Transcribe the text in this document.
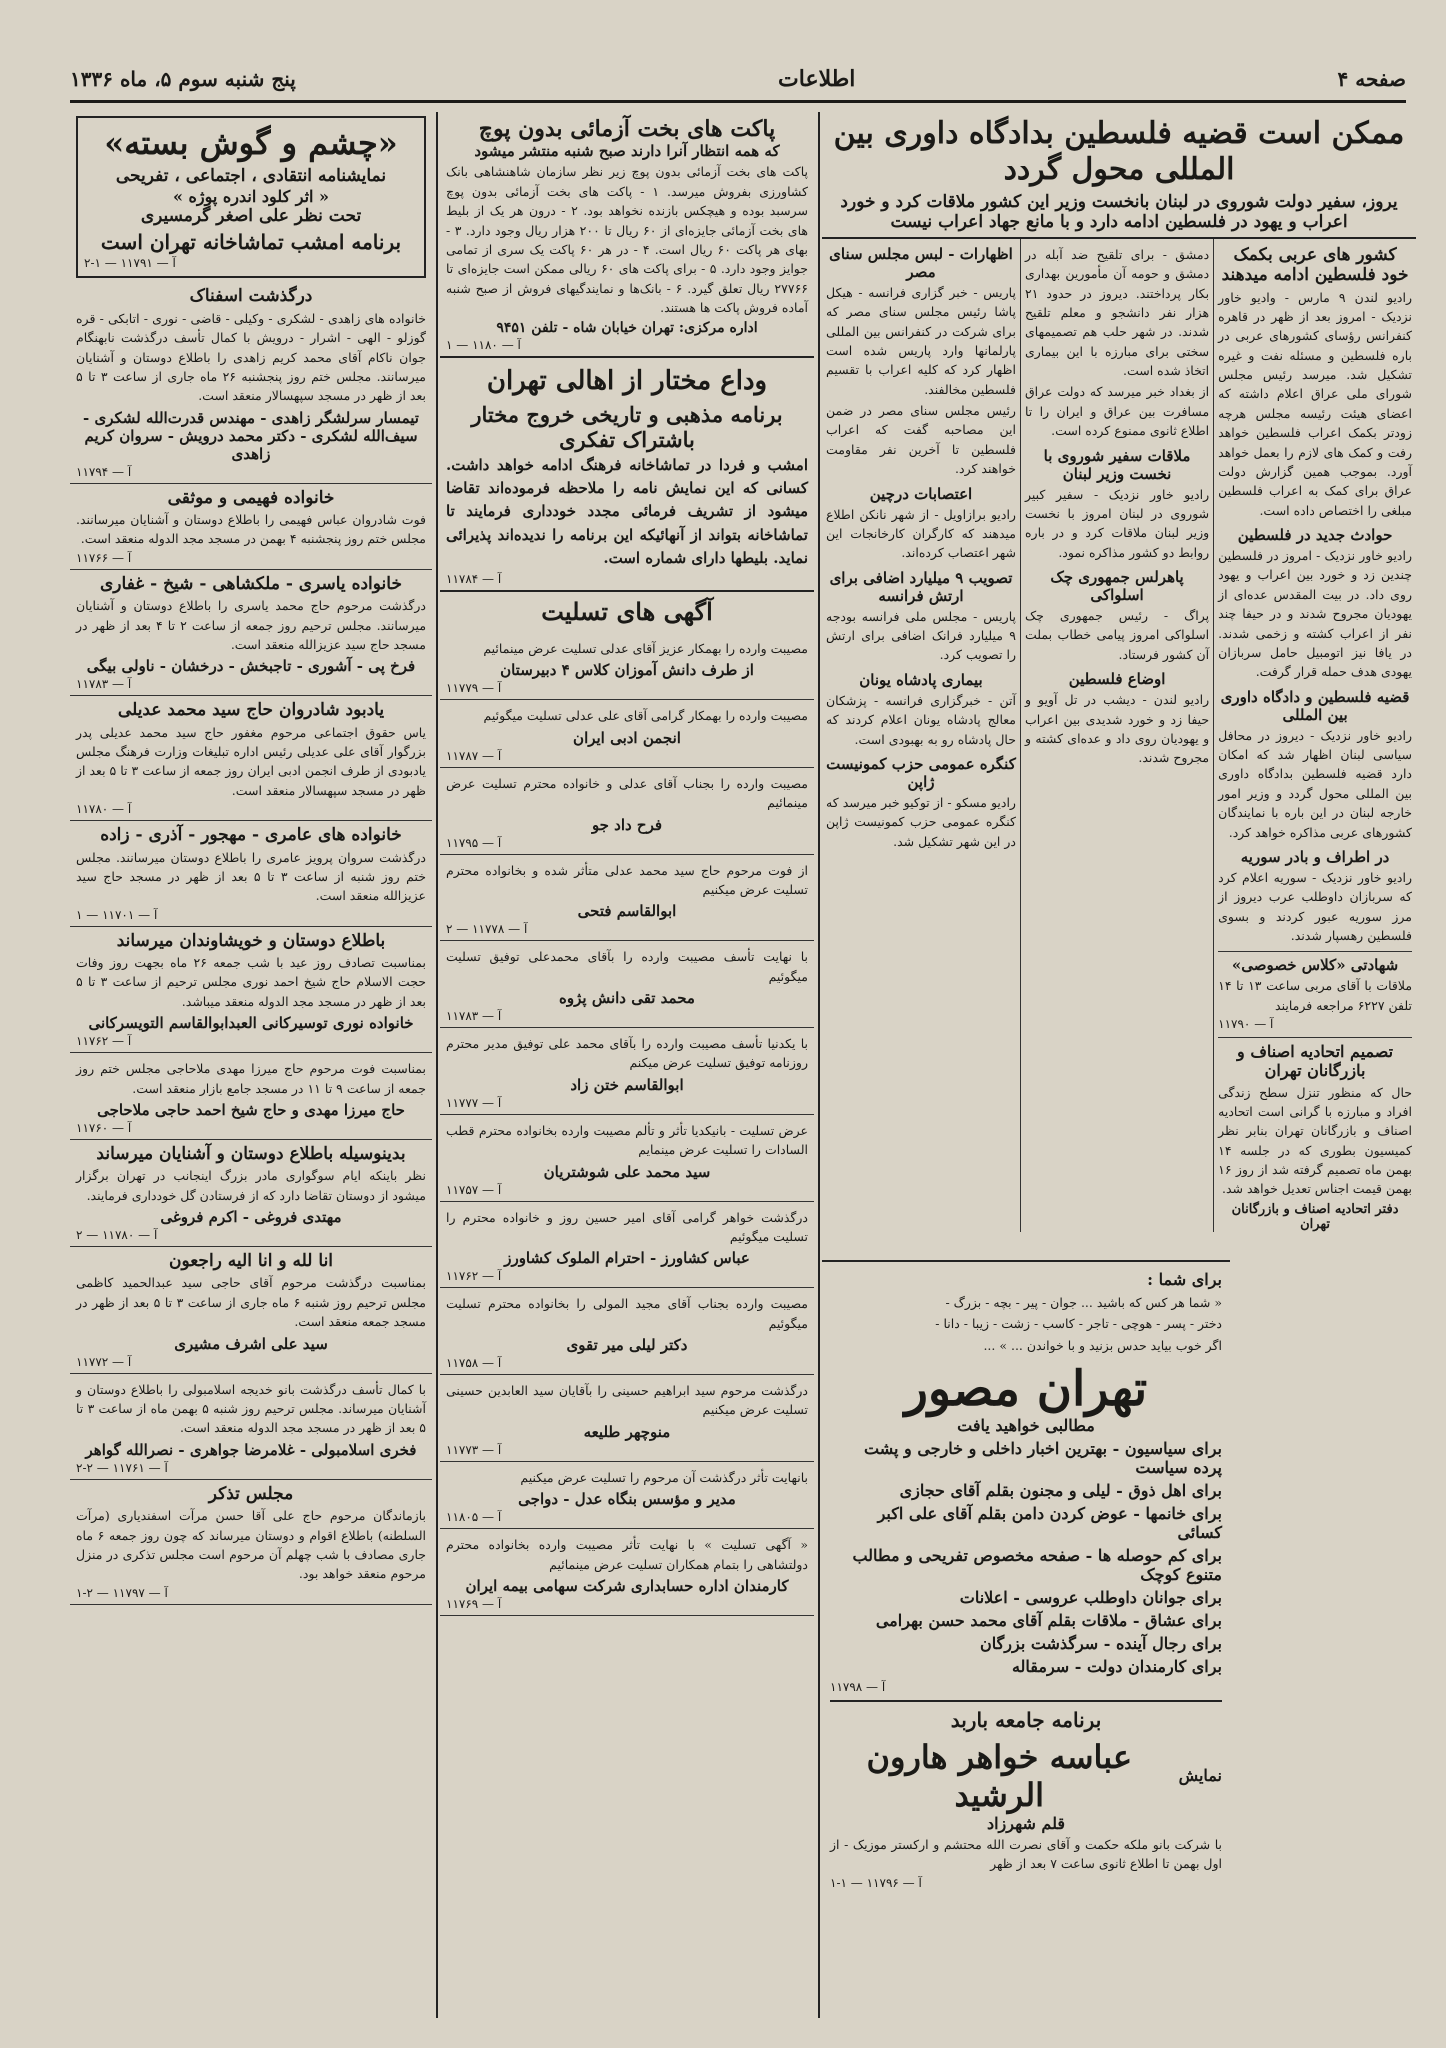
صفحه ۴
اطلاعات
پنج شنبه سوم ۵، ماه ۱۳۳۶
ممکن است قضیه فلسطین بدادگاه داوری بین المللی محول گردد
یروز، سفیر دولت شوروی در لبنان بانخست وزیر این کشور ملاقات کرد و خورد اعراب و یهود در فلسطین ادامه دارد و با مانع جهاد اعراب نیست
کشور های عربی بکمک خود فلسطین ادامه میدهند
رادیو لندن ۹ مارس - وادیو خاور نزدیک - امروز بعد از ظهر در قاهره کنفرانس رؤسای کشورهای عربی در باره فلسطین و مسئله نفت و غیره تشکیل شد. میرسد رئیس مجلس شورای ملی عراق اعلام داشته که اعضای هیئت رئیسه مجلس هرچه زودتر بکمک اعراب فلسطین خواهد رفت و کمک های لازم را بعمل خواهد آورد. بموجب همین گزارش دولت عراق برای کمک به اعراب فلسطین مبلغی را اختصاص داده است.
حوادث جدید در فلسطین
رادیو خاور نزدیک - امروز در فلسطین چندین زد و خورد بین اعراب و یهود روی داد. در بیت المقدس عده‌ای از یهودیان مجروح شدند و در حیفا چند نفر از اعراب کشته و زخمی شدند. در یافا نیز اتومبیل حامل سربازان یهودی هدف حمله قرار گرفت.
قضیه فلسطین و دادگاه داوری بین المللی
رادیو خاور نزدیک - دیروز در محافل سیاسی لبنان اظهار شد که امکان دارد قضیه فلسطین بدادگاه داوری بین المللی محول گردد و وزیر امور خارجه لبنان در این باره با نمایندگان کشورهای عربی مذاکره خواهد کرد.
در اطراف و بادر سوریه
رادیو خاور نزدیک - سوریه اعلام کرد که سربازان داوطلب عرب دیروز از مرز سوریه عبور کردند و بسوی فلسطین رهسپار شدند.
شهادتی «کلاس خصوصی»
ملاقات با آقای مربی ساعت ۱۳ تا ۱۴ تلفن ۶۲۲۷ مراجعه فرمایند
آ — ۱۱۷۹۰
تصمیم اتحادیه اصناف و بازرگانان تهران
حال که منظور تنزل سطح زندگی افراد و مبارزه با گرانی است اتحادیه اصناف و بازرگانان تهران بنابر نظر کمیسیون بطوری که در جلسه ۱۴ بهمن ماه تصمیم گرفته شد از روز ۱۶ بهمن قیمت اجناس تعدیل خواهد شد.
دفتر اتحادیه اصناف و بازرگانان تهران
دمشق - برای تلقیح ضد آبله در دمشق و حومه آن مأمورین بهداری بکار پرداختند. دیروز در حدود ۲۱ هزار نفر دانشجو و معلم تلقیح شدند. در شهر حلب هم تصمیمهای سختی برای مبارزه با این بیماری اتخاذ شده است.
از بغداد خبر میرسد که دولت عراق مسافرت بین عراق و ایران را تا اطلاع ثانوی ممنوع کرده است.
ملاقات سفیر شوروی با نخست وزیر لبنان
رادیو خاور نزدیک - سفیر کبیر شوروی در لبنان امروز با نخست وزیر لبنان ملاقات کرد و در باره روابط دو کشور مذاکره نمود.
پاهرلس جمهوری چک اسلواکی
پراگ - رئیس جمهوری چک اسلواکی امروز پیامی خطاب بملت آن کشور فرستاد.
اوضاع فلسطین
رادیو لندن - دیشب در تل آویو و حیفا زد و خورد شدیدی بین اعراب و یهودیان روی داد و عده‌ای کشته و مجروح شدند.
اظهارات - لبس مجلس سنای مصر
پاریس - خبر گزاری فرانسه - هیکل پاشا رئیس مجلس سنای مصر که برای شرکت در کنفرانس بین المللی پارلمانها وارد پاریس شده است اظهار کرد که کلیه اعراب با تقسیم فلسطین مخالفند.
رئیس مجلس سنای مصر در ضمن این مصاحبه گفت که اعراب فلسطین تا آخرین نفر مقاومت خواهند کرد.
اعتصابات درچین
رادیو برازاویل - از شهر نانکن اطلاع میدهند که کارگران کارخانجات این شهر اعتصاب کرده‌اند.
تصویب ۹ میلیارد اضافی برای ارتش فرانسه
پاریس - مجلس ملی فرانسه بودجه ۹ میلیارد فرانک اضافی برای ارتش را تصویب کرد.
بیماری پادشاه یونان
آتن - خبرگزاری فرانسه - پزشکان معالج پادشاه یونان اعلام کردند که حال پادشاه رو به بهبودی است.
کنگره عمومی حزب کمونیست ژاپن
رادیو مسکو - از توکیو خبر میرسد که کنگره عمومی حزب کمونیست ژاپن در این شهر تشکیل شد.
برای شما :
« شما هر کس که باشید ... جوان - پیر - بچه - بزرگ -
دختر - پسر - هوچی - تاجر - کاسب - زشت - زیبا - دانا -
اگر خوب بیاید حدس بزنید و با خواندن ... » ...
تهران مصور
مطالبی خواهید یافت
برای سیاسیون - بهترین اخبار داخلی و خارجی و پشت پرده سیاست
برای اهل ذوق - لیلی و مجنون بقلم آقای حجازی
برای خانمها - عوض کردن دامن بقلم آقای علی اکبر کسائی
برای کم حوصله ها - صفحه مخصوص تفریحی و مطالب متنوع کوچک
برای جوانان داوطلب عروسی - اعلانات
برای عشاق - ملاقات بقلم آقای محمد حسن بهرامی
برای رجال آینده - سرگذشت بزرگان
برای کارمندان دولت - سرمقاله
آ — ۱۱۷۹۸
برنامه جامعه باربد
نمایش
عباسه خواهر هارون الرشید
قلم شهرزاد
با شرکت بانو ملکه حکمت و آقای نصرت الله محتشم و ارکستر موزیک - از اول بهمن تا اطلاع ثانوی ساعت ۷ بعد از ظهر
آ — ۱۱۷۹۶ — ۱-۱
پاکت های بخت آزمائی بدون پوچ
که همه انتظار آنرا دارند صبح شنبه منتشر میشود
پاکت های بخت آزمائی بدون پوچ زیر نظر سازمان شاهنشاهی بانک کشاورزی بفروش میرسد. ۱ - پاکت های بخت آزمائی بدون پوچ سرسبد بوده و هیچکس بازنده نخواهد بود. ۲ - درون هر یک از بلیط های بخت آزمائی جایزه‌ای از ۶۰ ریال تا ۲۰۰ هزار ریال وجود دارد. ۳ - بهای هر پاکت ۶۰ ریال است. ۴ - در هر ۶۰ پاکت یک سری از تمامی جوایز وجود دارد. ۵ - برای پاکت های ۶۰ ریالی ممکن است جایزه‌ای تا ۲۷۷۶۶ ریال تعلق گیرد. ۶ - بانک‌ها و نمایندگیهای فروش از صبح شنبه آماده فروش پاکت ها هستند.
اداره مرکزی: تهران خیابان شاه - تلفن ۹۴۵۱
آ — ۱۱۸۰ — ۱
وداع مختار از اهالی تهران
برنامه مذهبی و تاریخی خروج مختار باشتراک تفکری
امشب و فردا در تماشاخانه فرهنگ ادامه خواهد داشت. کسانی که این نمایش نامه را ملاحظه فرموده‌اند تقاضا میشود از تشریف فرمائی مجدد خودداری فرمایند تا تماشاخانه بتواند از آنهائیکه این برنامه را ندیده‌اند پذیرائی نماید. بلیطها دارای شماره است.
آ — ۱۱۷۸۴
آگهی های تسلیت
مصیبت وارده را بهمکار عزیز آقای عدلی تسلیت عرض مینمائیم
از طرف دانش آموزان کلاس ۴ دبیرستان
آ — ۱۱۷۷۹
مصیبت وارده را بهمکار گرامی آقای علی عدلی تسلیت میگوئیم
انجمن ادبی ایران
آ — ۱۱۷۸۷
مصیبت وارده را بجناب آقای عدلی و خانواده محترم تسلیت عرض مینمائیم
فرح داد جو
آ — ۱۱۷۹۵
از فوت مرحوم حاج سید محمد عدلی متأثر شده و بخانواده محترم تسلیت عرض میکنیم
ابوالقاسم فتحی
آ — ۱۱۷۷۸ — ۲
با نهایت تأسف مصیبت وارده را بآقای محمدعلی توفیق تسلیت میگوئیم
محمد تقی دانش پژوه
آ — ۱۱۷۸۳
با یکدنیا تأسف مصیبت وارده را بآقای محمد علی توفیق مدیر محترم روزنامه توفیق تسلیت عرض میکنم
ابوالقاسم ختن زاد
آ — ۱۱۷۷۷
عرض تسلیت - بانیکدیا تأثر و تألم مصیبت وارده بخانواده محترم قطب السادات را تسلیت عرض مینمایم
سید محمد علی شوشتریان
آ — ۱۱۷۵۷
درگذشت خواهر گرامی آقای امیر حسین روز و خانواده محترم را تسلیت میگوئیم
عباس کشاورز - احترام الملوک کشاورز
آ — ۱۱۷۶۲
مصیبت وارده بجناب آقای مجید المولی را بخانواده محترم تسلیت میگوئیم
دکتر لیلی میر تقوی
آ — ۱۱۷۵۸
درگذشت مرحوم سید ابراهیم حسینی را بآقایان سید العابدین حسینی تسلیت عرض میکنیم
منوچهر طلیعه
آ — ۱۱۷۷۳
بانهایت تأثر درگذشت آن مرحوم را تسلیت عرض میکنیم
مدیر و مؤسس بنگاه عدل - دواجی
آ — ۱۱۸۰۵
« آگهی تسلیت » با نهایت تأثر مصیبت وارده بخانواده محترم دولتشاهی را بتمام همکاران تسلیت عرض مینمائیم
کارمندان اداره حسابداری شرکت سهامی بیمه ایران
آ — ۱۱۷۶۹
«چشم و گوش بسته»
نمایشنامه انتقادی ، اجتماعی ، تفریحی
« اثر کلود اندره پوژه »
تحت نظر علی اصغر گرمسیری
برنامه امشب تماشاخانه تهران است
آ — ۱۱۷۹۱ — ۱-۲
درگذشت اسفناک
خانواده های زاهدی - لشکری - وکیلی - قاضی - نوری - اتابکی - قره گوزلو - الهی - اشرار - درویش با کمال تأسف درگذشت نابهنگام جوان ناکام آقای محمد کریم زاهدی را باطلاع دوستان و آشنایان میرسانند. مجلس ختم روز پنجشنبه ۲۶ ماه جاری از ساعت ۳ تا ۵ بعد از ظهر در مسجد سپهسالار منعقد است.
تیمسار سرلشگر زاهدی - مهندس قدرت‌الله لشکری - سیف‌الله لشکری - دکتر محمد درویش - سروان کریم زاهدی
آ — ۱۱۷۹۴
خانواده فهیمی و موثقی
فوت شادروان عباس فهیمی را باطلاع دوستان و آشنایان میرسانند. مجلس ختم روز پنجشنبه ۴ بهمن در مسجد مجد الدوله منعقد است.
آ — ۱۱۷۶۶
خانواده یاسری - ملکشاهی - شیخ - غفاری
درگذشت مرحوم حاج محمد یاسری را باطلاع دوستان و آشنایان میرسانند. مجلس ترحیم روز جمعه از ساعت ۲ تا ۴ بعد از ظهر در مسجد حاج سید عزیزالله منعقد است.
فرخ پی - آشوری - تاجبخش - درخشان - ناولی بیگی
آ — ۱۱۷۸۳
یادبود شادروان حاج سید محمد عدیلی
یاس حقوق اجتماعی مرحوم مغفور حاج سید محمد عدیلی پدر بزرگوار آقای علی عدیلی رئیس اداره تبلیغات وزارت فرهنگ مجلس یادبودی از طرف انجمن ادبی ایران روز جمعه از ساعت ۳ تا ۵ بعد از ظهر در مسجد سپهسالار منعقد است.
آ — ۱۱۷۸۰
خانواده های عامری - مهجور - آذری - زاده
درگذشت سروان پرویز عامری را باطلاع دوستان میرسانند. مجلس ختم روز شنبه از ساعت ۳ تا ۵ بعد از ظهر در مسجد حاج سید عزیزالله منعقد است.
آ — ۱۱۷۰۱ — ۱
باطلاع دوستان و خویشاوندان میرساند
بمناسبت تصادف روز عید با شب جمعه ۲۶ ماه بجهت روز وفات حجت الاسلام حاج شیخ احمد نوری مجلس ترحیم از ساعت ۳ تا ۵ بعد از ظهر در مسجد مجد الدوله منعقد میباشد.
خانواده نوری توسیرکانی العبدابوالقاسم التویسرکانی
آ — ۱۱۷۶۲
بمناسبت فوت مرحوم حاج میرزا مهدی ملاحاجی مجلس ختم روز جمعه از ساعت ۹ تا ۱۱ در مسجد جامع بازار منعقد است.
حاج میرزا مهدی و حاج شیخ احمد حاجی ملاحاجی
آ — ۱۱۷۶۰
بدینوسیله باطلاع دوستان و آشنایان میرساند
نظر باینکه ایام سوگواری مادر بزرگ اینجانب در تهران برگزار میشود از دوستان تقاضا دارد که از فرستادن گل خودداری فرمایند.
مهتدی فروغی - اکرم فروغی
آ — ۱۱۷۸۰ — ۲
انا لله و انا الیه راجعون
بمناسبت درگذشت مرحوم آقای حاجی سید عبدالحمید کاظمی مجلس ترحیم روز شنبه ۶ ماه جاری از ساعت ۳ تا ۵ بعد از ظهر در مسجد جمعه منعقد است.
سید علی اشرف مشیری
آ — ۱۱۷۷۲
با کمال تأسف درگذشت بانو خدیجه اسلامبولی را باطلاع دوستان و آشنایان میرساند. مجلس ترحیم روز شنبه ۵ بهمن ماه از ساعت ۳ تا ۵ بعد از ظهر در مسجد مجد الدوله منعقد است.
فخری اسلامبولی - غلامرضا جواهری - نصرالله گواهر
آ — ۱۱۷۶۱ — ۲-۲
مجلس تذکر
بازماندگان مرحوم حاج علی آقا حسن مرآت اسفندیاری (مرآت السلطنه) باطلاع اقوام و دوستان میرساند که چون روز جمعه ۶ ماه جاری مصادف با شب چهلم آن مرحوم است مجلس تذکری در منزل مرحوم منعقد خواهد بود.
آ — ۱۱۷۹۷ — ۲-۱
